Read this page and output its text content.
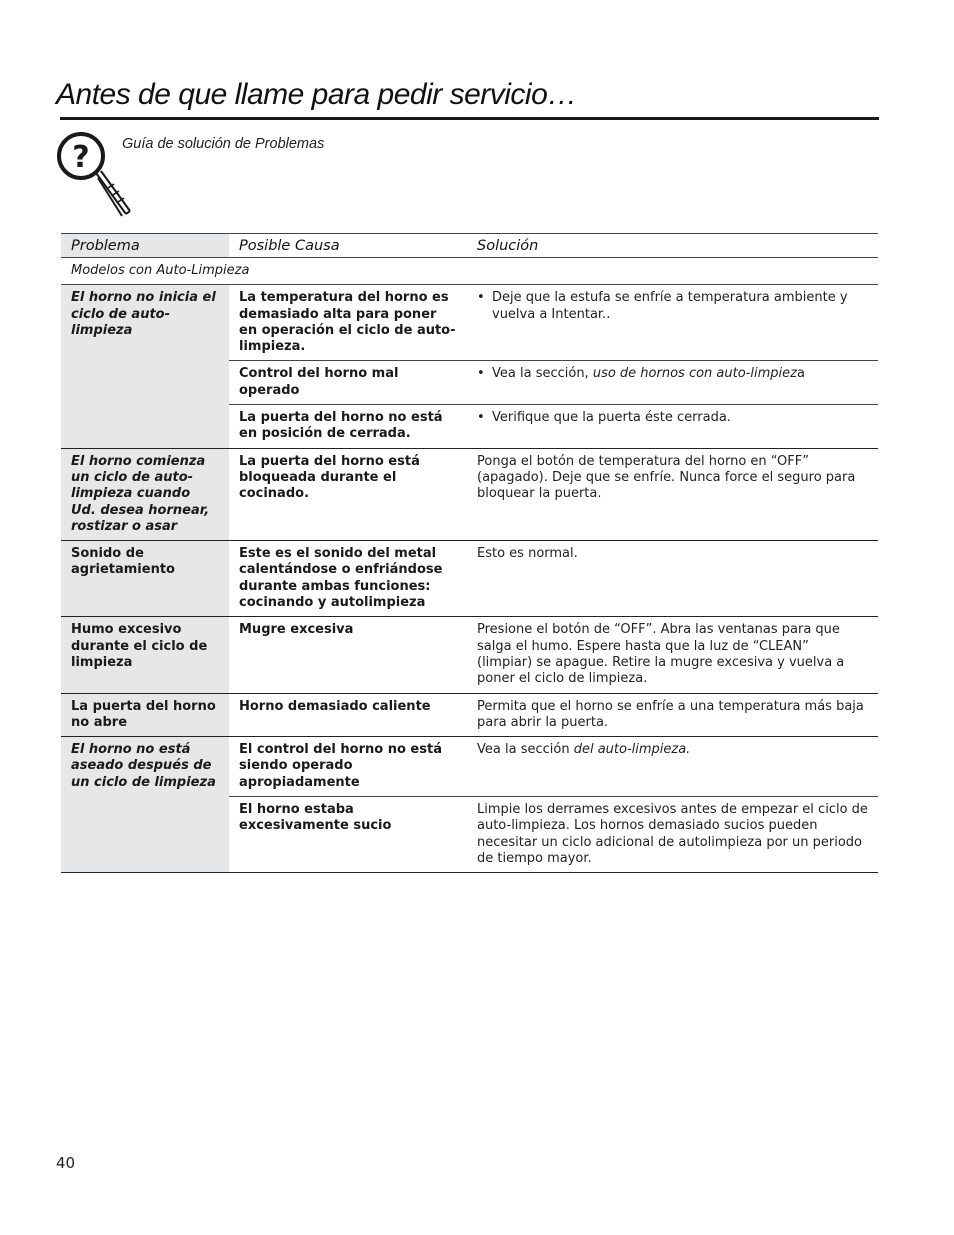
Antes de que llame para pedir servicio…
? Guía de solución de Problemas
Problema	Posible Causa	Solución
Modelos con Auto-Limpieza		
El horno no inicia el ciclo de auto-limpieza	La temperatura del horno es demasiado alta para poner en operación el ciclo de auto-limpieza.	• Deje que la estufa se enfríe a temperatura ambiente y vuelva a Intentar..

	Control del horno mal operado	• Vea la sección, uso de hornos con auto-limpieza

	La puerta del horno no está en posición de cerrada.	• Verifique que la puerta éste cerrada.

El horno comienza un ciclo de auto-limpieza cuando Ud. desea hornear, rostizar o asar	La puerta del horno está bloqueada durante el cocinado.	Ponga el botón de temperatura del horno en “OFF” (apagado). Deje que se enfríe. Nunca force el seguro para bloquear la puerta.
Sonido de agrietamiento	Este es el sonido del metal calentándose o enfriándose durante ambas funciones: cocinando y autolimpieza	Esto es normal.
Humo excesivo durante el ciclo de limpieza	Mugre excesiva	Presione el botón de “OFF”. Abra las ventanas para que salga el humo. Espere hasta que la luz de “CLEAN” (limpiar) se apague. Retire la mugre excesiva y vuelva a poner el ciclo de limpieza.
La puerta del horno no abre	Horno demasiado caliente	Permita que el horno se enfríe a una temperatura más baja para abrir la puerta.
El horno no está aseado después de un ciclo de limpieza	El control del horno no está siendo operado apropiadamente	Vea la sección del auto-limpieza.
	El horno estaba excesivamente sucio	Limpie los derrames excesivos antes de empezar el ciclo de auto-limpieza. Los hornos demasiado sucios pueden necesitar un ciclo adicional de autolimpieza por un periodo de tiempo mayor.
40
